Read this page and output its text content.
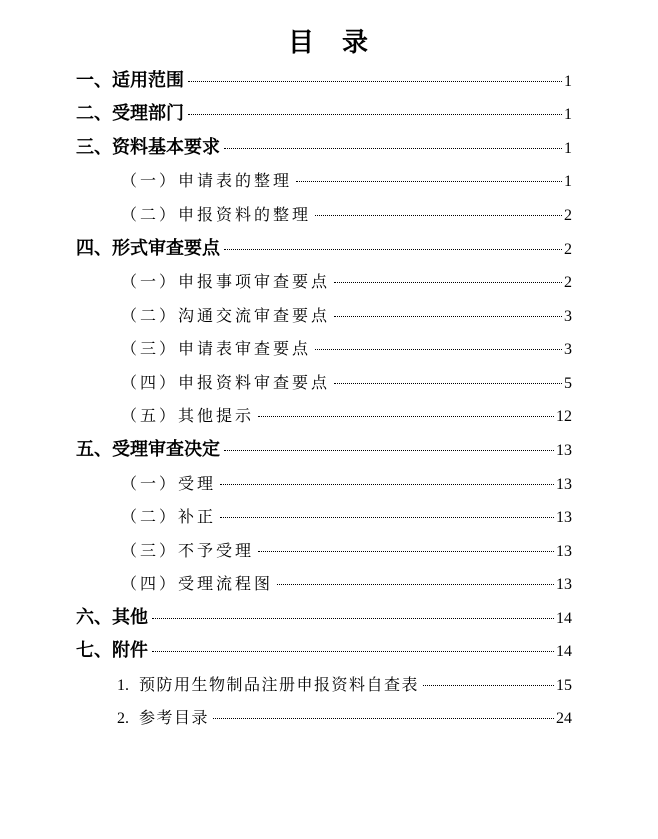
目 录
一、适用范围	1
二、受理部门	1
三、资料基本要求	1
（一）申请表的整理	1
（二）申报资料的整理	2
四、形式审查要点	2
（一）申报事项审查要点	2
（二）沟通交流审查要点	3
（三）申请表审查要点	3
（四）申报资料审查要点	5
（五）其他提示	12
五、受理审查决定	13
（一）受理	13
（二）补正	13
（三）不予受理	13
（四）受理流程图	13
六、其他	14
七、附件	14
1. 预防用生物制品注册申报资料自查表	15
2. 参考目录	24
